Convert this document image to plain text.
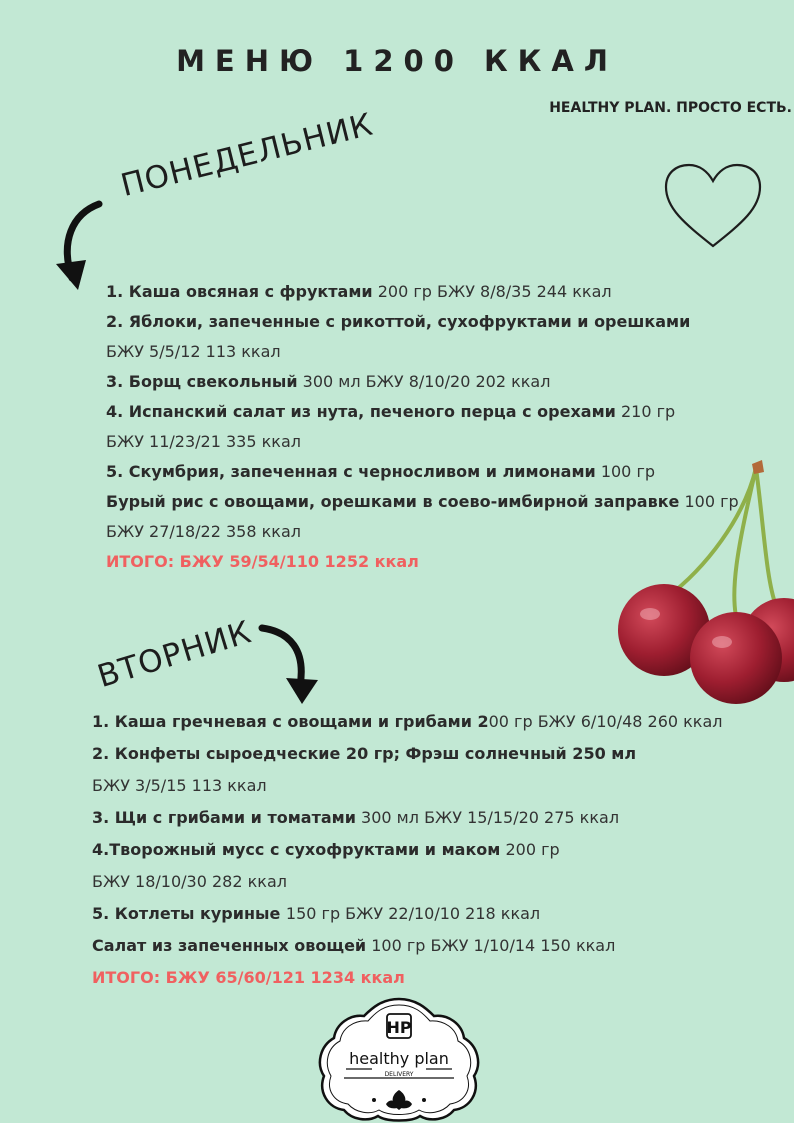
МЕНЮ 1200 ККАЛ
HEALTHY PLAN. ПРОСТО ЕСТЬ.
ПОНЕДЕЛЬНИК
1. Каша овсяная с фруктами 200 гр БЖУ 8/8/35 244 ккал
2. Яблоки, запеченные с рикоттой, сухофруктами и орешками
БЖУ 5/5/12 113 ккал
3. Борщ свекольный 300 мл БЖУ 8/10/20 202 ккал
4. Испанский салат из нута, печеного перца с орехами 210 гр
БЖУ 11/23/21 335 ккал
5. Скумбрия, запеченная с черносливом и лимонами 100 гр
Бурый рис с овощами, орешками в соево-имбирной заправке 100 гр
БЖУ 27/18/22 358 ккал
ИТОГО: БЖУ 59/54/110 1252 ккал
ВТОРНИК
1. Каша гречневая с овощами и грибами 200 гр БЖУ 6/10/48 260 ккал
2. Конфеты сыроедческие 20 гр; Фрэш солнечный 250 мл
БЖУ 3/5/15 113 ккал
3. Щи с грибами и томатами 300 мл БЖУ 15/15/20 275 ккал
4.Творожный мусс с сухофруктами и маком 200 гр
БЖУ 18/10/30 282 ккал
5. Котлеты куриные 150 гр БЖУ 22/10/10 218 ккал
Салат из запеченных овощей 100 гр БЖУ 1/10/14 150 ккал
ИТОГО: БЖУ 65/60/121 1234 ккал
HP
healthy plan
DELIVERY
